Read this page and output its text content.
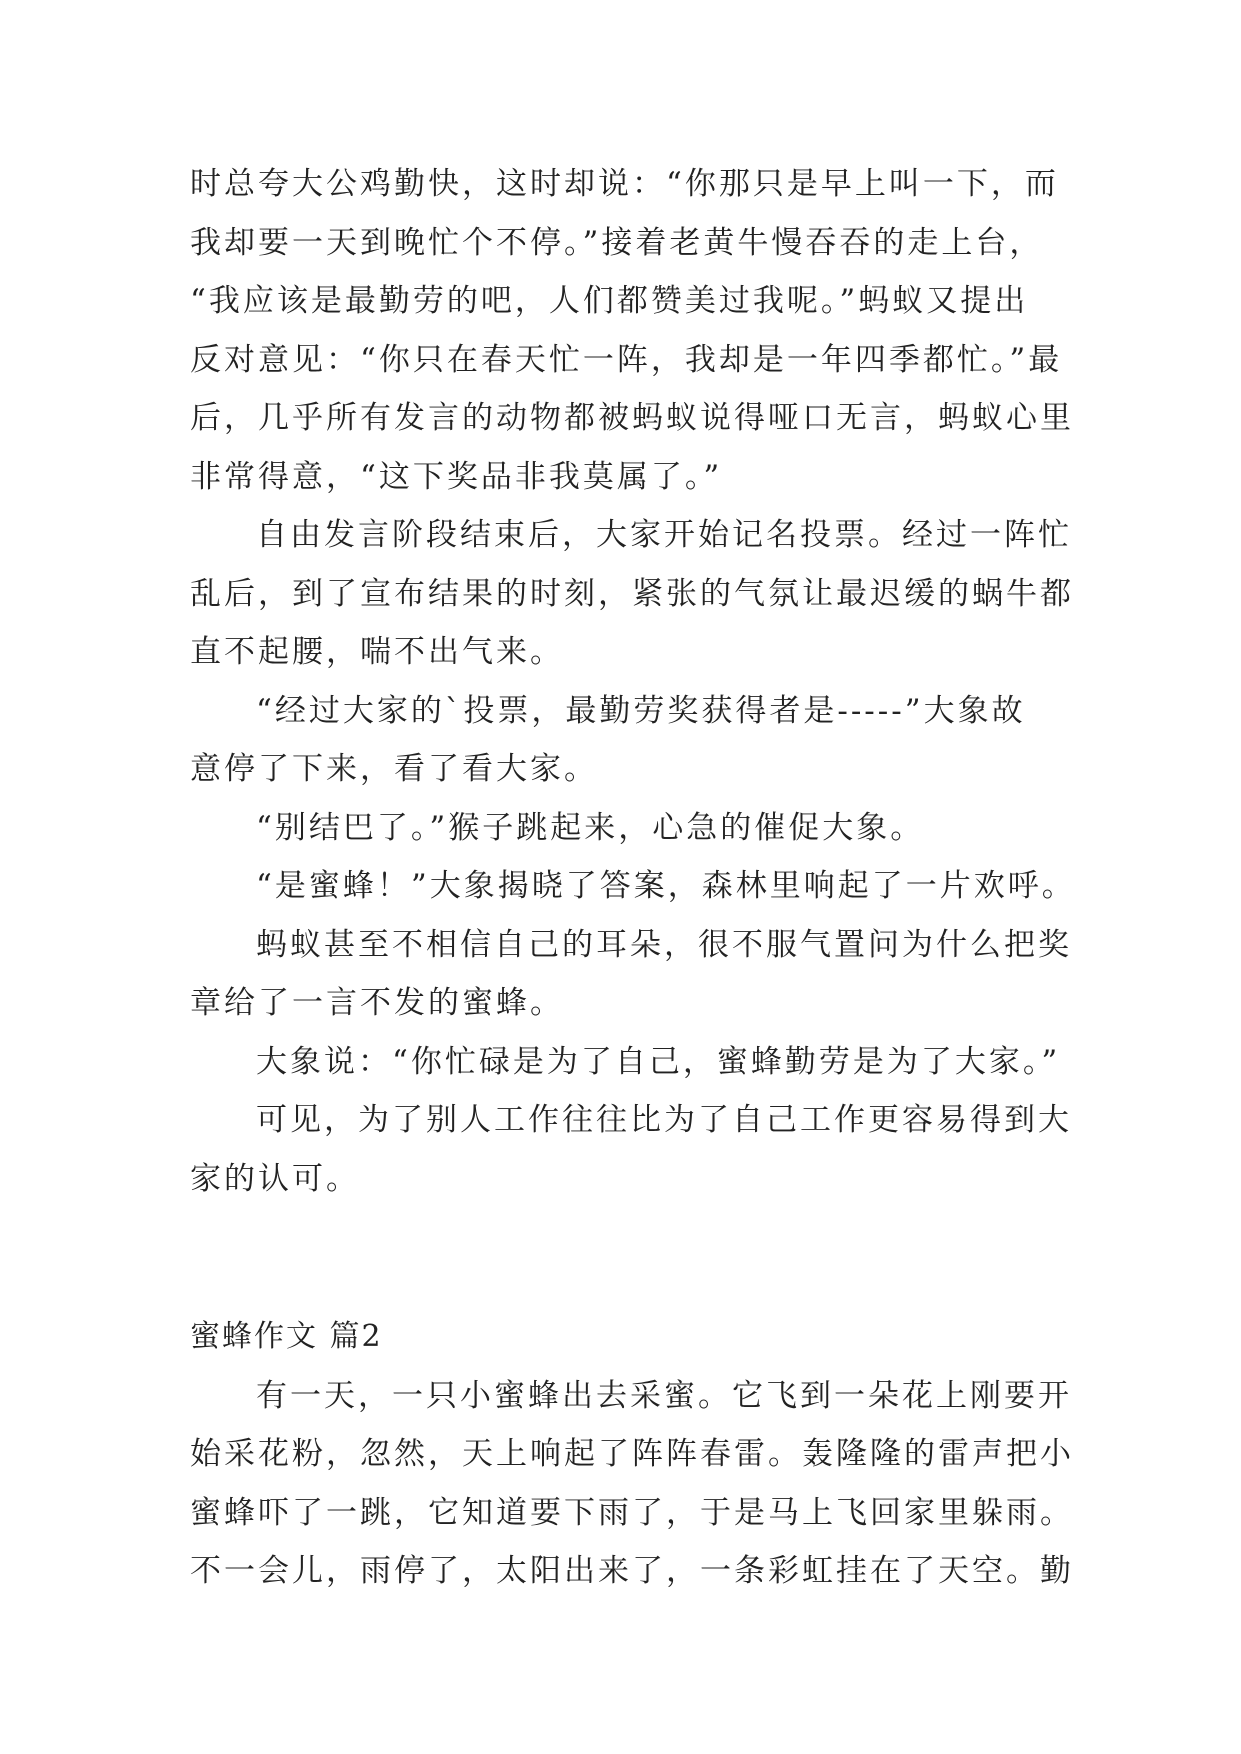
时总夸大公鸡勤快，这时却说：“你那只是早上叫一下，而
我却要一天到晚忙个不停。”接着老黄牛慢吞吞的走上台，
“我应该是最勤劳的吧，人们都赞美过我呢。”蚂蚁又提出
反对意见：“你只在春天忙一阵，我却是一年四季都忙。”最
后，几乎所有发言的动物都被蚂蚁说得哑口无言，蚂蚁心里
非常得意，“这下奖品非我莫属了。”
自由发言阶段结束后，大家开始记名投票。经过一阵忙
乱后，到了宣布结果的时刻，紧张的气氛让最迟缓的蜗牛都
直不起腰，喘不出气来。
“经过大家的`投票，最勤劳奖获得者是-----”大象故
意停了下来，看了看大家。
“别结巴了。”猴子跳起来，心急的催促大象。
“是蜜蜂！”大象揭晓了答案，森林里响起了一片欢呼。
蚂蚁甚至不相信自己的耳朵，很不服气置问为什么把奖
章给了一言不发的蜜蜂。
大象说：“你忙碌是为了自己，蜜蜂勤劳是为了大家。”
可见，为了别人工作往往比为了自己工作更容易得到大
家的认可。
蜜蜂作文 篇2
有一天，一只小蜜蜂出去采蜜。它飞到一朵花上刚要开
始采花粉，忽然，天上响起了阵阵春雷。轰隆隆的雷声把小
蜜蜂吓了一跳，它知道要下雨了，于是马上飞回家里躲雨。
不一会儿，雨停了，太阳出来了，一条彩虹挂在了天空。勤
